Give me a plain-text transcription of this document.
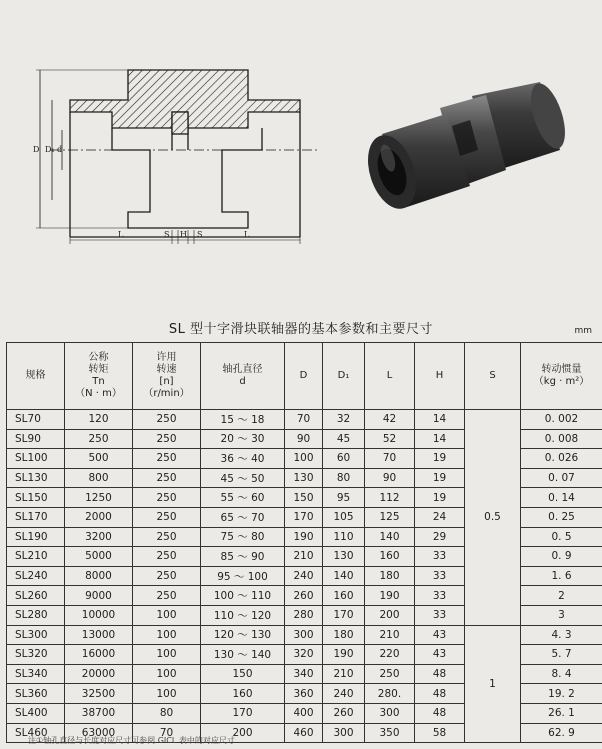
D D₁ d
L	S H S	L
SL 型十字滑块联轴器的基本参数和主要尺寸	mm
规格	公称
转矩
Tn
（N · m）	许用
转速
[n]
（r/min）	轴孔直径
d	D	D₁	L	H	S	转动惯量
（kg · m²）

SL70	120	250	15 ～ 18	70	32	42	14	0.5	0. 002
SL90	250	250	20 ～ 30	90	45	52	14		0. 008
SL100	500	250	36 ～ 40	100	60	70	19		0. 026
SL130	800	250	45 ～ 50	130	80	90	19		0. 07
SL150	1250	250	55 ～ 60	150	95	112	19		0. 14
SL170	2000	250	65 ～ 70	170	105	125	24		0. 25
SL190	3200	250	75 ～ 80	190	110	140	29		0. 5
SL210	5000	250	85 ～ 90	210	130	160	33		0. 9
SL240	8000	250	95 ～ 100	240	140	180	33		1. 6
SL260	9000	250	100 ～ 110	260	160	190	33		2
SL280	10000	100	110 ～ 120	280	170	200	33		3
SL300	13000	100	120 ～ 130	300	180	210	43	1	4. 3
SL320	16000	100	130 ～ 140	320	190	220	43		5. 7
SL340	20000	100	150	340	210	250	48		8. 4
SL360	32500	100	160	360	240	280.	48		19. 2
SL400	38700	80	170	400	260	300	48		26. 1
SL460	63000	70	200	460	300	350	58		62. 9
注①轴孔直径与长度对应尺寸可参阅 GICL 表中的对应尺寸
